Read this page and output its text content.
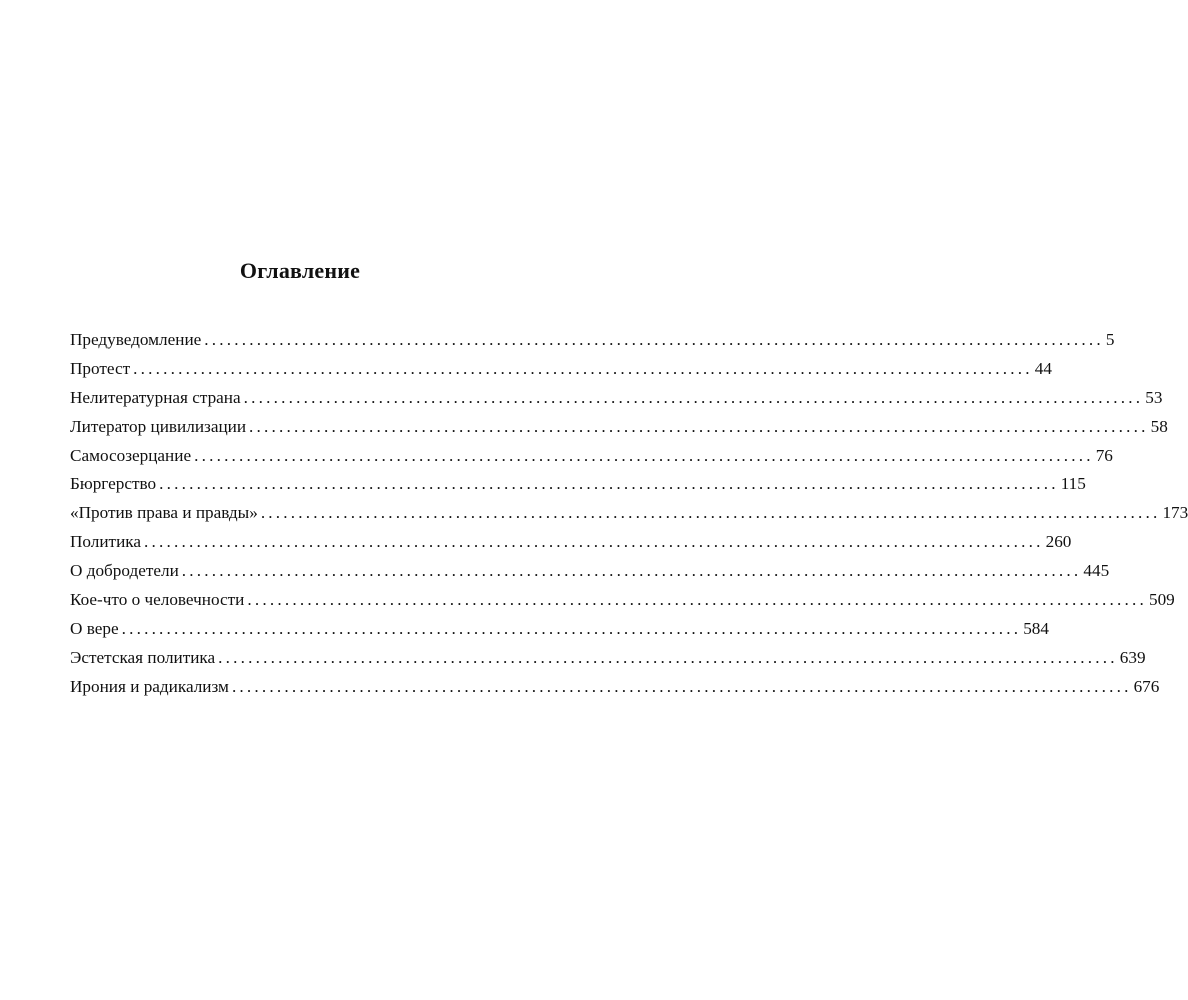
Оглавление
Предуведомление ........................................................................................................................ 5
Протест ........................................................................................................................ 44
Нелитературная страна ........................................................................................................................ 53
Литератор цивилизации ........................................................................................................................ 58
Самосозерцание ........................................................................................................................ 76
Бюргерство ........................................................................................................................ 115
«Против права и правды» ........................................................................................................................ 173
Политика ........................................................................................................................ 260
О добродетели ........................................................................................................................ 445
Кое-что о человечности ........................................................................................................................ 509
О вере ........................................................................................................................ 584
Эстетская политика ........................................................................................................................ 639
Ирония и радикализм ........................................................................................................................ 676
